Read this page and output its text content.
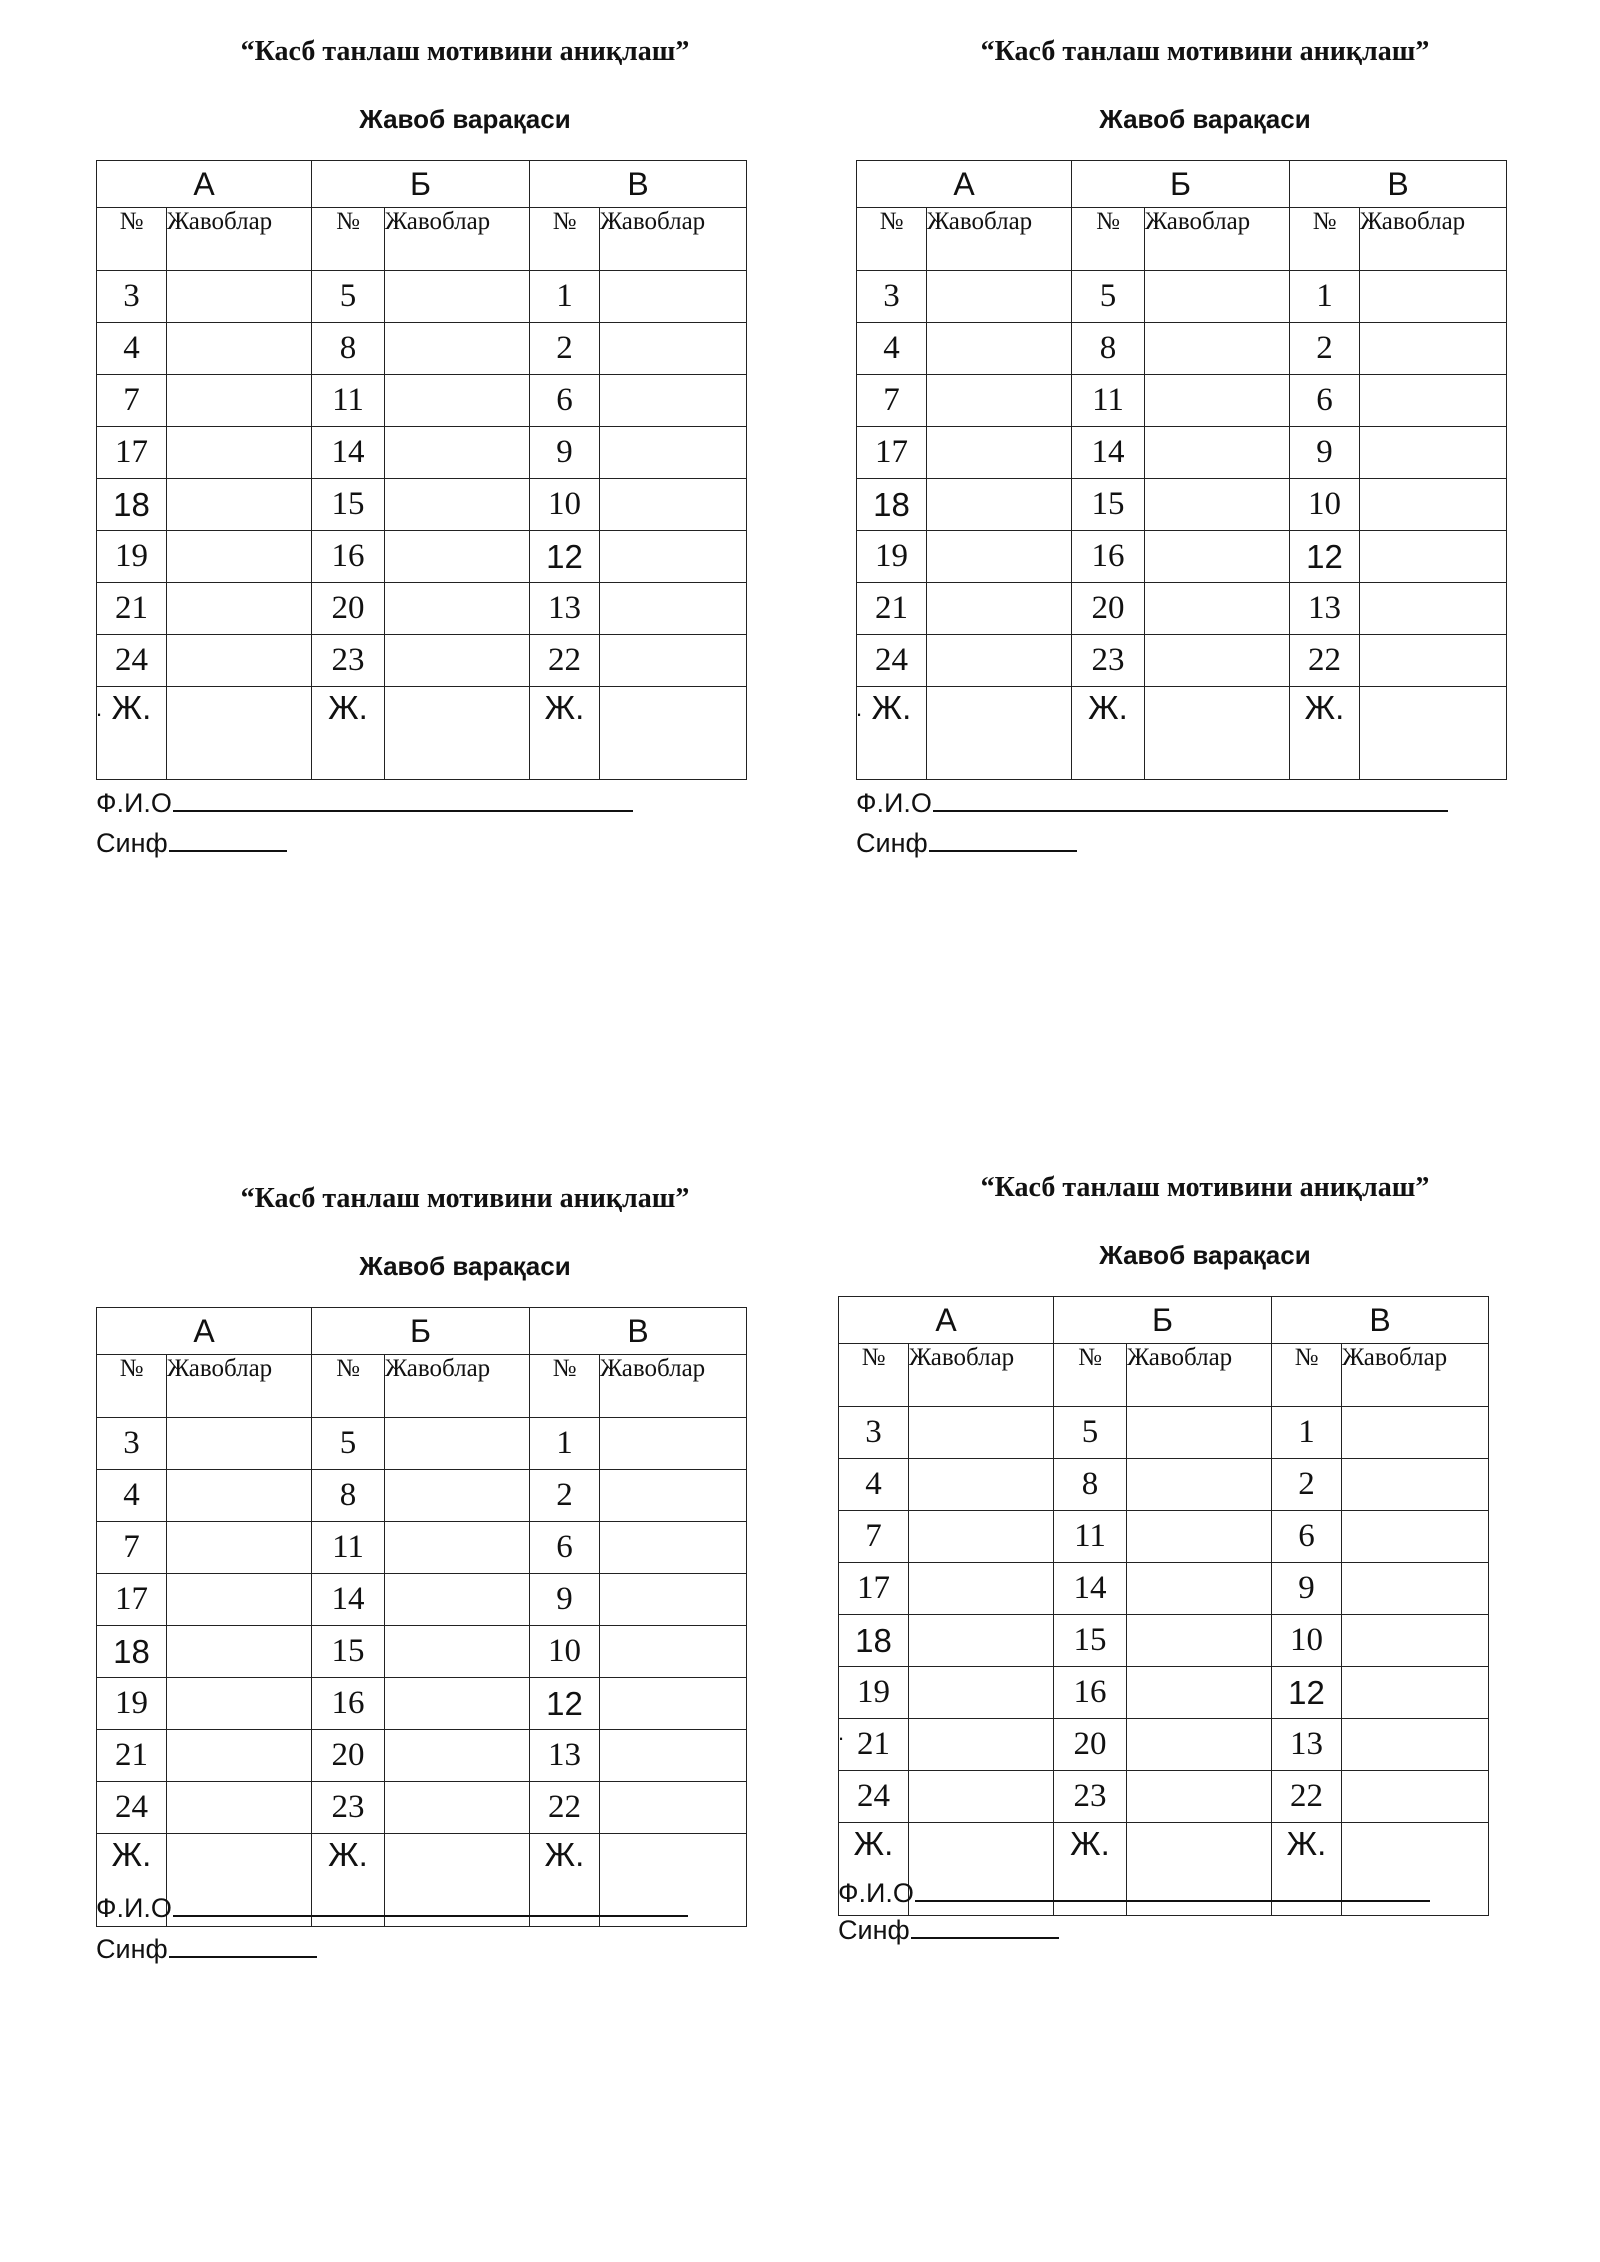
“Касб танлаш мотивини аниқлаш”
Жавоб варақаси
А		Б		В	
№	Жавоблар	№	Жавоблар	№	Жавоблар
3		5		1	
4		8		2	
7		11		6	
17		14		9	
18		15		10	
19		16		12	
21		20		13	
24		23		22	
Ж.		Ж.		Ж.	
.
Ф.И.О
Синф
“Касб танлаш мотивини аниқлаш”
Жавоб варақаси
А		Б		В	
№	Жавоблар	№	Жавоблар	№	Жавоблар
3		5		1	
4		8		2	
7		11		6	
17		14		9	
18		15		10	
19		16		12	
21		20		13	
24		23		22	
Ж.		Ж.		Ж.	
.
Ф.И.О
Синф
“Касб танлаш мотивини аниқлаш”
Жавоб варақаси
А		Б		В	
№	Жавоблар	№	Жавоблар	№	Жавоблар
3		5		1	
4		8		2	
7		11		6	
17		14		9	
18		15		10	
19		16		12	
21		20		13	
24		23		22	
Ж.		Ж.		Ж.	
Ф.И.О
Синф
“Касб танлаш мотивини аниқлаш”
Жавоб варақаси
А		Б		В	
№	Жавоблар	№	Жавоблар	№	Жавоблар
3		5		1	
4		8		2	
7		11		6	
17		14		9	
18		15		10	
19		16		12	
21		20		13	
24		23		22	
Ж.		Ж.		Ж.	
.
Ф.И.О
Синф
